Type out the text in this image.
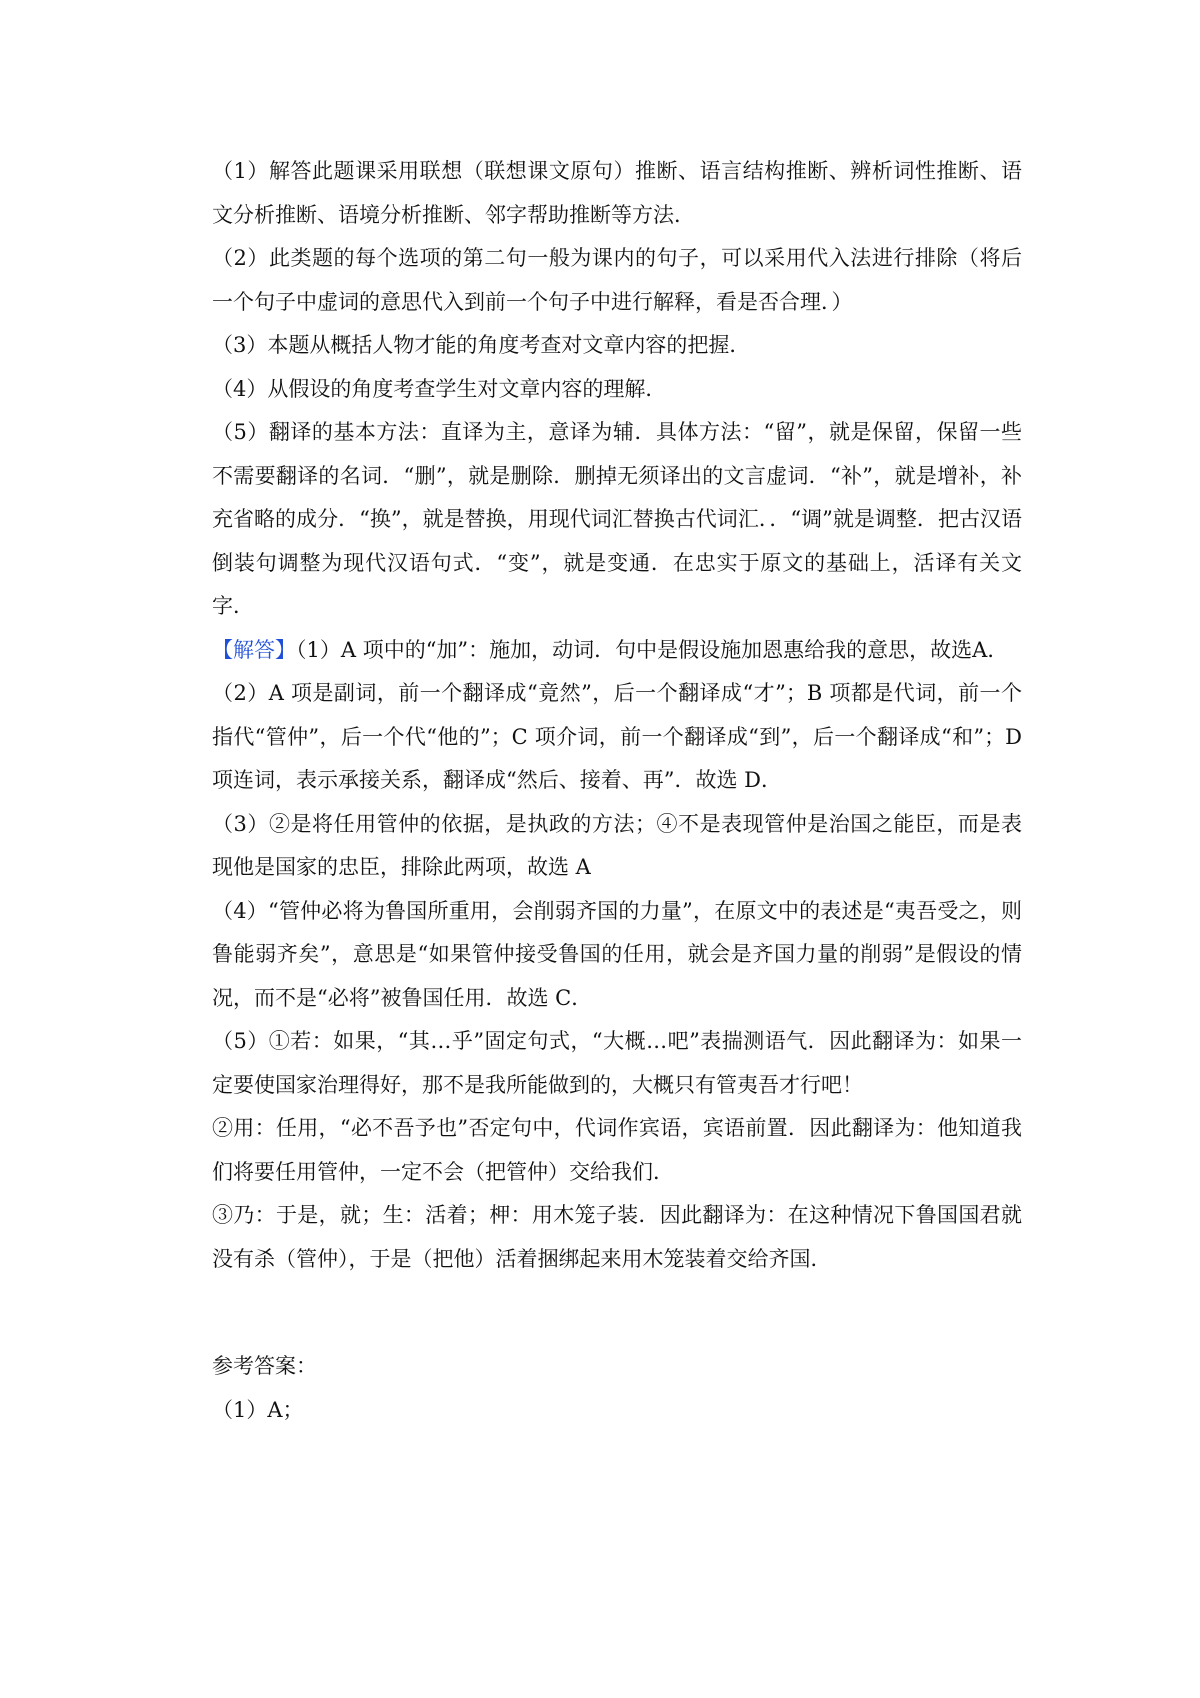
（1）解答此题课采用联想（联想课文原句）推断、语言结构推断、辨析词性推断、语文分析推断、语境分析推断、邻字帮助推断等方法．

（2）此类题的每个选项的第二句一般为课内的句子，可以采用代入法进行排除（将后一个句子中虚词的意思代入到前一个句子中进行解释，看是否合理．）

（3）本题从概括人物才能的角度考查对文章内容的把握．

（4）从假设的角度考查学生对文章内容的理解．

（5）翻译的基本方法：直译为主，意译为辅．具体方法：“留”，就是保留，保留一些不需要翻译的名词．“删”，就是删除．删掉无须译出的文言虚词．“补”，就是增补，补充省略的成分．“换”，就是替换，用现代词汇替换古代词汇．．“调”就是调整．把古汉语倒装句调整为现代汉语句式．“变”，就是变通．在忠实于原文的基础上，活译有关文字．

【解答】（1）A 项中的“加”：施加，动词．句中是假设施加恩惠给我的意思，故选A．

（2）A 项是副词，前一个翻译成“竟然”，后一个翻译成“才”；B 项都是代词，前一个指代“管仲”，后一个代“他的”；C 项介词，前一个翻译成“到”，后一个翻译成“和”；D 项连词，表示承接关系，翻译成“然后、接着、再”．故选 D．

（3）②是将任用管仲的依据，是执政的方法；④不是表现管仲是治国之能臣，而是表现他是国家的忠臣，排除此两项，故选 A

（4）“管仲必将为鲁国所重用，会削弱齐国的力量”，在原文中的表述是“夷吾受之，则鲁能弱齐矣”，意思是“如果管仲接受鲁国的任用，就会是齐国力量的削弱”是假设的情况，而不是“必将”被鲁国任用．故选 C．

（5）①若：如果，“其…乎”固定句式，“大概…吧”表揣测语气．因此翻译为：如果一定要使国家治理得好，那不是我所能做到的，大概只有管夷吾才行吧！

②用：任用，“必不吾予也”否定句中，代词作宾语，宾语前置．因此翻译为：他知道我们将要任用管仲，一定不会（把管仲）交给我们．

③乃：于是，就；生：活着；柙：用木笼子装．因此翻译为：在这种情况下鲁国国君就没有杀（管仲），于是（把他）活着捆绑起来用木笼装着交给齐国．

参考答案：

（1）A；
